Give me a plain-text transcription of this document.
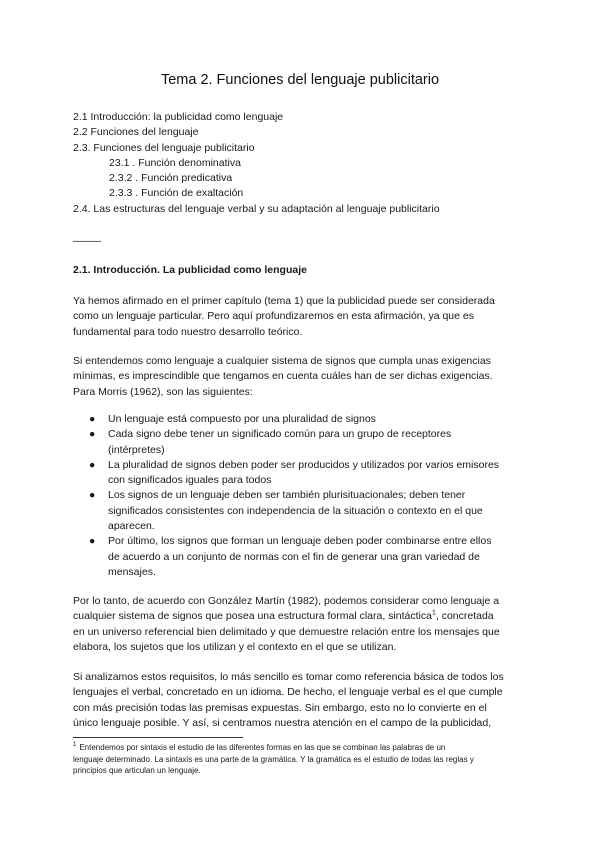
Tema 2. Funciones del lenguaje publicitario
2.1 Introducción: la publicidad como lenguaje
2.2 Funciones del lenguaje
2.3. Funciones del lenguaje publicitario
23.1 . Función denominativa
2.3.2 . Función predicativa
2.3.3 . Función de exaltación
2.4. Las estructuras del lenguaje verbal y su adaptación al lenguaje publicitario
———
2.1. Introducción. La publicidad como lenguaje

Ya hemos afirmado en el primer capítulo (tema 1) que la publicidad puede ser considerada
como un lenguaje particular. Pero aquí profundizaremos en esta afirmación, ya que es
fundamental para todo nuestro desarrollo teórico.

Si entendemos como lenguaje a cualquier sistema de signos que cumpla unas exigencias
mínimas, es imprescindible que tengamos en cuenta cuáles han de ser dichas exigencias.
Para Morris (1962), son las siguientes:

● Un lenguaje está compuesto por una pluralidad de signos
● Cada signo debe tener un significado común para un grupo de receptores
(intérpretes)
● La pluralidad de signos deben poder ser producidos y utilizados por varios emisores
con significados iguales para todos
● Los signos de un lenguaje deben ser también plurisituacionales; deben tener
significados consistentes con independencia de la situación o contexto en el que
aparecen.
● Por último, los signos que forman un lenguaje deben poder combinarse entre ellos
de acuerdo a un conjunto de normas con el fin de generar una gran variedad de
mensajes.

Por lo tanto, de acuerdo con González Martín (1982), podemos considerar como lenguaje a
cualquier sistema de signos que posea una estructura formal clara, sintáctica$^1$, concretada
en un universo referencial bien delimitado y que demuestre relación entre los mensajes que
elabora, los sujetos que los utilizan y el contexto en el que se utilizan.

Si analizamos estos requisitos, lo más sencillo es tomar como referencia básica de todos los
lenguajes el verbal, concretado en un idioma. De hecho, el lenguaje verbal es el que cumple
con más precisión todas las premisas expuestas. Sin embargo, esto no lo convierte en el
único lenguaje posible. Y así, si centramos nuestra atención en el campo de la publicidad,

$^1$ Entendemos por sintaxis el estudio de las diferentes formas en las que se combinan las palabras de un
lenguaje determinado. La sintaxis es una parte de la gramática. Y la gramática es el estudio de todas las reglas y
principios que articulan un lenguaje.
